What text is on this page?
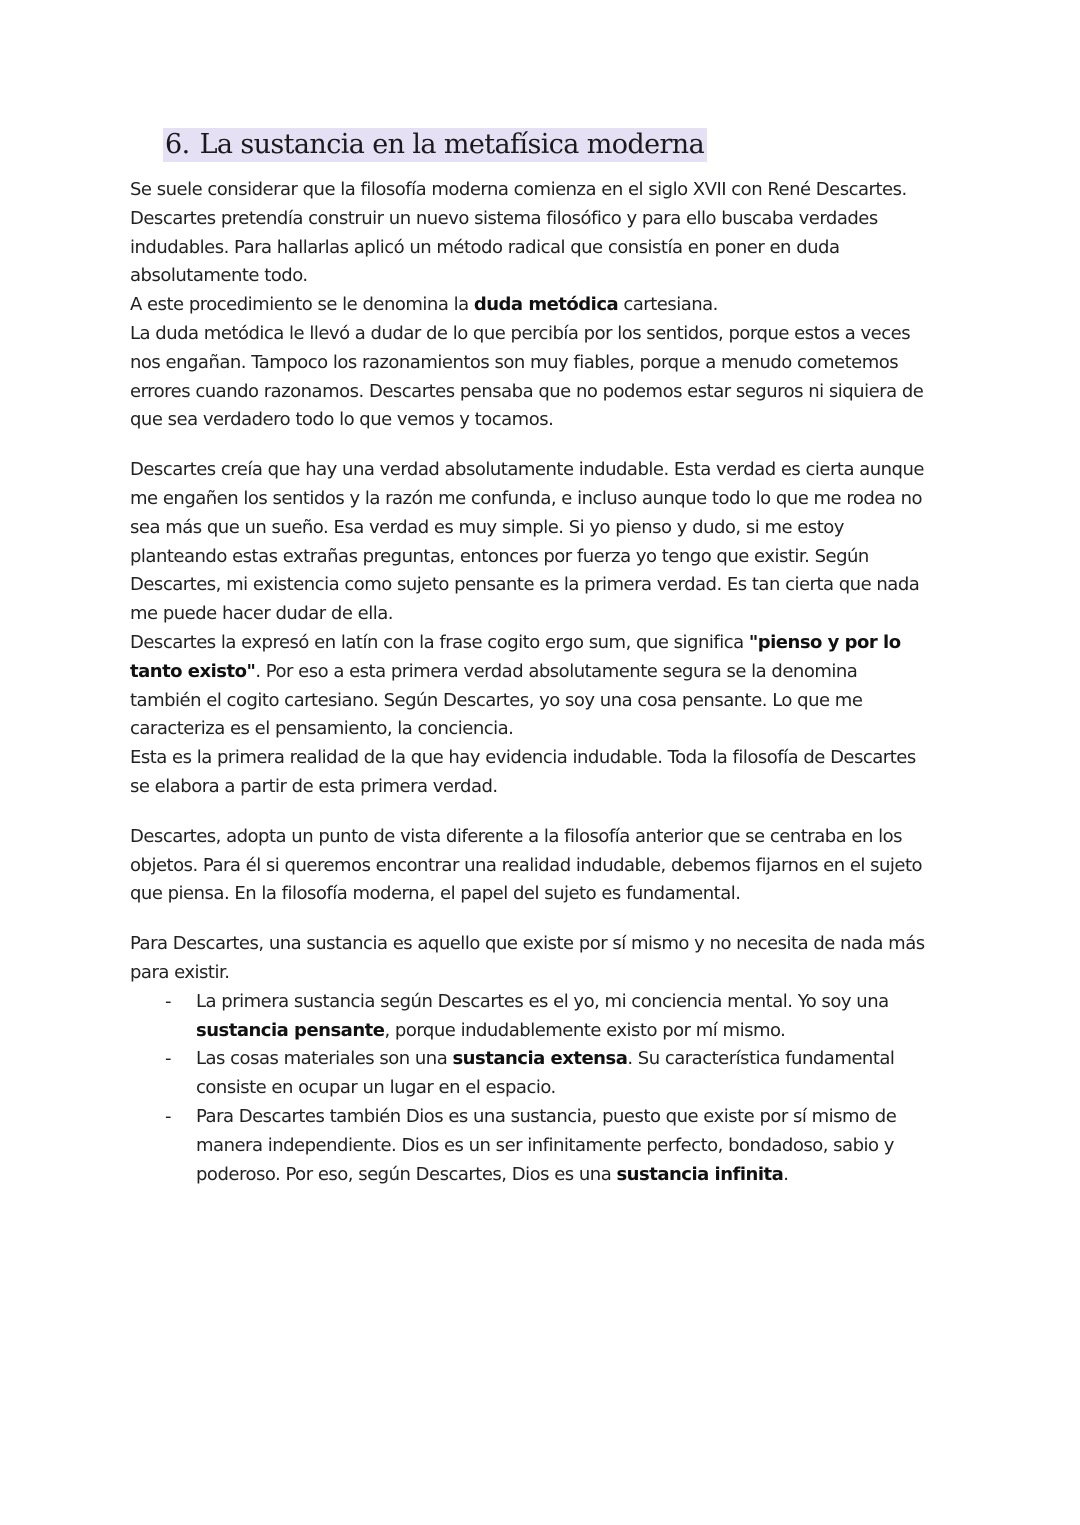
6. La sustancia en la metafísica moderna

Se suele considerar que la filosofía moderna comienza en el siglo XVII con René Descartes.

Descartes pretendía construir un nuevo sistema filosófico y para ello buscaba verdades

indudables. Para hallarlas aplicó un método radical que consistía en poner en duda

absolutamente todo.

A este procedimiento se le denomina la duda metódica cartesiana.

La duda metódica le llevó a dudar de lo que percibía por los sentidos, porque estos a veces

nos engañan. Tampoco los razonamientos son muy fiables, porque a menudo cometemos

errores cuando razonamos. Descartes pensaba que no podemos estar seguros ni siquiera de

que sea verdadero todo lo que vemos y tocamos.

Descartes creía que hay una verdad absolutamente indudable. Esta verdad es cierta aunque

me engañen los sentidos y la razón me confunda, e incluso aunque todo lo que me rodea no

sea más que un sueño. Esa verdad es muy simple. Si yo pienso y dudo, si me estoy

planteando estas extrañas preguntas, entonces por fuerza yo tengo que existir. Según

Descartes, mi existencia como sujeto pensante es la primera verdad. Es tan cierta que nada

me puede hacer dudar de ella.

Descartes la expresó en latín con la frase cogito ergo sum, que significa "pienso y por lo

tanto existo". Por eso a esta primera verdad absolutamente segura se la denomina

también el cogito cartesiano. Según Descartes, yo soy una cosa pensante. Lo que me

caracteriza es el pensamiento, la conciencia.

Esta es la primera realidad de la que hay evidencia indudable. Toda la filosofía de Descartes

se elabora a partir de esta primera verdad.

Descartes, adopta un punto de vista diferente a la filosofía anterior que se centraba en los

objetos. Para él si queremos encontrar una realidad indudable, debemos fijarnos en el sujeto

que piensa. En la filosofía moderna, el papel del sujeto es fundamental.

Para Descartes, una sustancia es aquello que existe por sí mismo y no necesita de nada más

para existir.

- La primera sustancia según Descartes es el yo, mi conciencia mental. Yo soy una
sustancia pensante, porque indudablemente existo por mí mismo.
- Las cosas materiales son una sustancia extensa. Su característica fundamental
consiste en ocupar un lugar en el espacio.
- Para Descartes también Dios es una sustancia, puesto que existe por sí mismo de
manera independiente. Dios es un ser infinitamente perfecto, bondadoso, sabio y
poderoso. Por eso, según Descartes, Dios es una sustancia infinita.
